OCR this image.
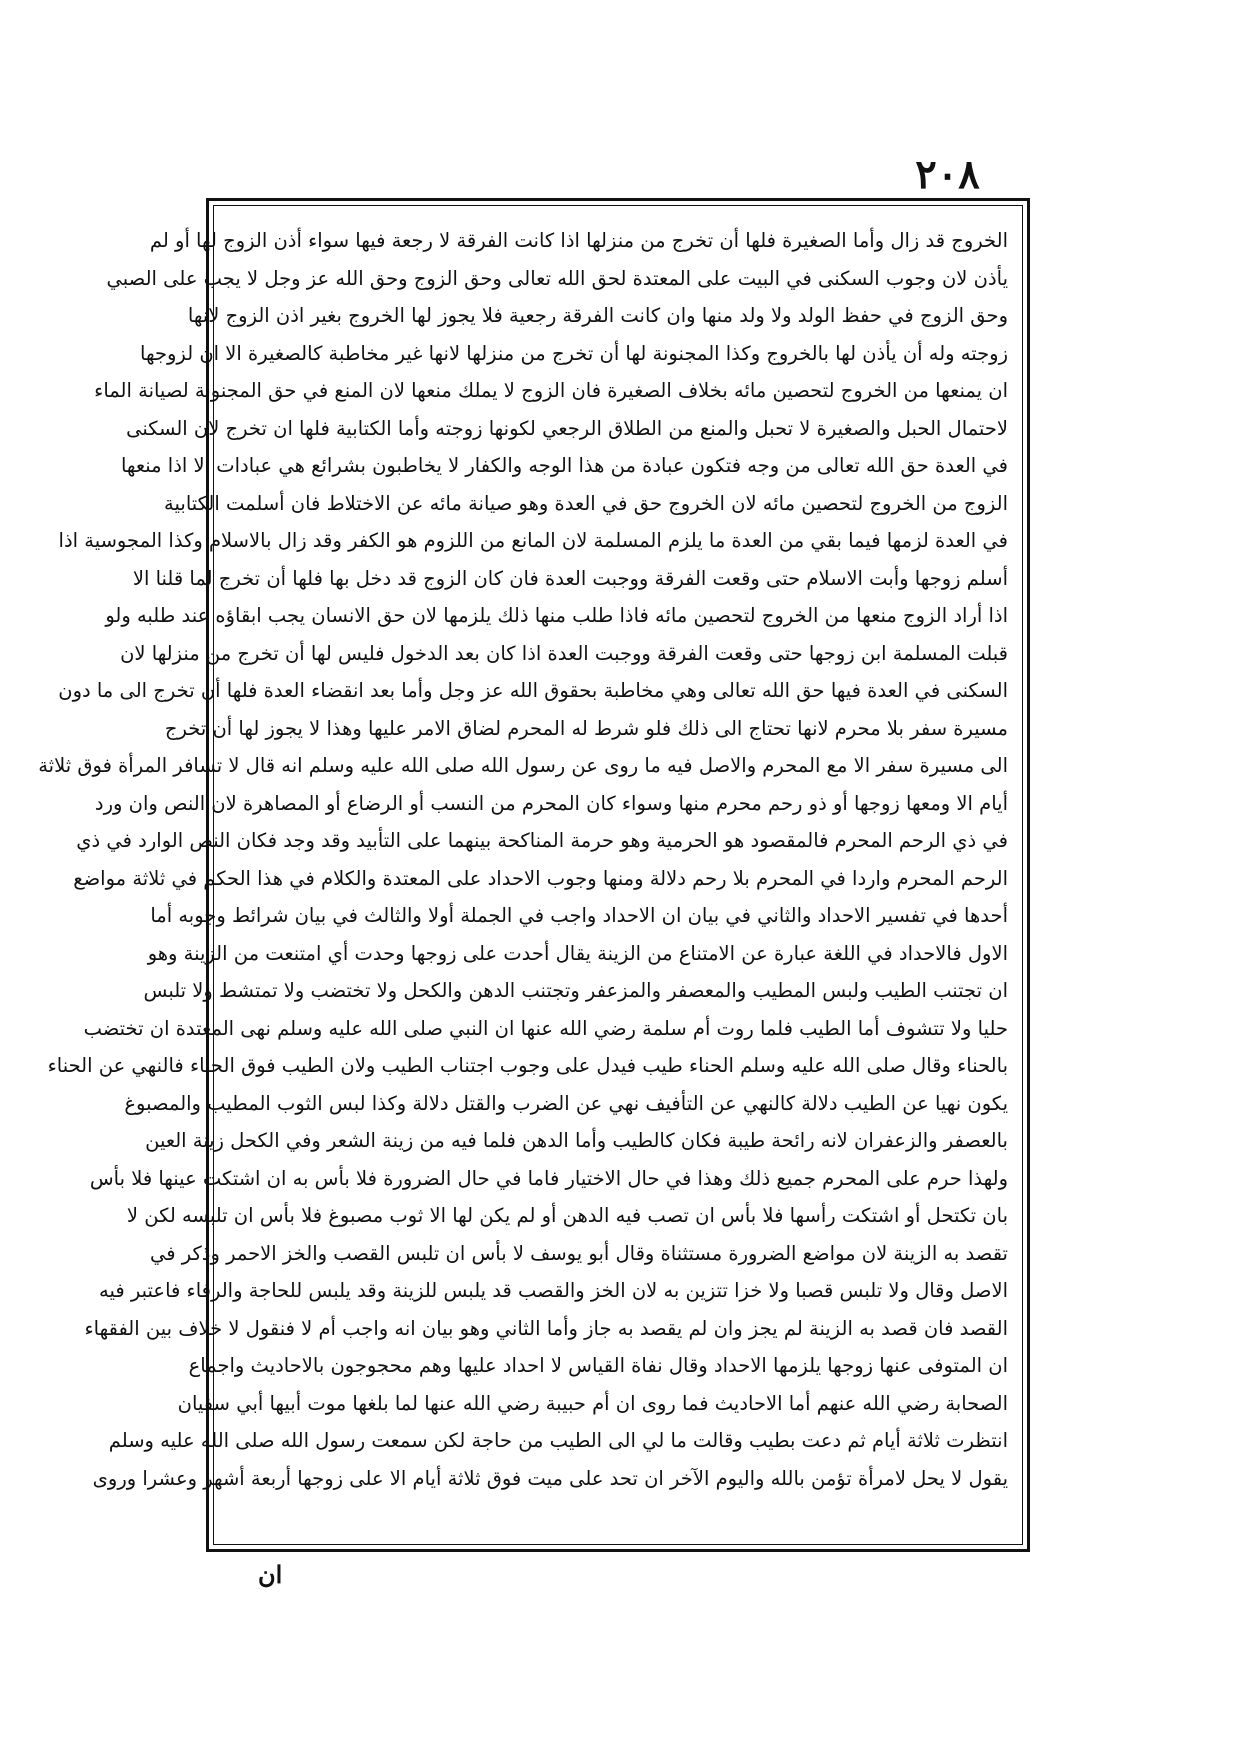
٢٠٨
الخروج قد زال وأما الصغيرة فلها أن تخرج من منزلها اذا كانت الفرقة لا رجعة فيها سواء أذن الزوج لها أو لم
يأذن لان وجوب السكنى في البيت على المعتدة لحق الله تعالى وحق الزوج وحق الله عز وجل لا يجب على الصبي
وحق الزوج في حفظ الولد ولا ولد منها وان كانت الفرقة رجعية فلا يجوز لها الخروج بغير اذن الزوج لانها
زوجته وله أن يأذن لها بالخروج وكذا المجنونة لها أن تخرج من منزلها لانها غير مخاطبة كالصغيرة الا ان لزوجها
ان يمنعها من الخروج لتحصين مائه بخلاف الصغيرة فان الزوج لا يملك منعها لان المنع في حق المجنونة لصيانة الماء
لاحتمال الحبل والصغيرة لا تحبل والمنع من الطلاق الرجعي لكونها زوجته وأما الكتابية فلها ان تخرج لان السكنى
في العدة حق الله تعالى من وجه فتكون عبادة من هذا الوجه والكفار لا يخاطبون بشرائع هي عبادات الا اذا منعها
الزوج من الخروج لتحصين مائه لان الخروج حق في العدة وهو صيانة مائه عن الاختلاط فان أسلمت الكتابية
في العدة لزمها فيما بقي من العدة ما يلزم المسلمة لان المانع من اللزوم هو الكفر وقد زال بالاسلام وكذا المجوسية اذا
أسلم زوجها وأبت الاسلام حتى وقعت الفرقة ووجبت العدة فان كان الزوج قد دخل بها فلها أن تخرج لما قلنا الا
اذا أراد الزوج منعها من الخروج لتحصين مائه فاذا طلب منها ذلك يلزمها لان حق الانسان يجب ابقاؤه عند طلبه ولو
قبلت المسلمة ابن زوجها حتى وقعت الفرقة ووجبت العدة اذا كان بعد الدخول فليس لها أن تخرج من منزلها لان
السكنى في العدة فيها حق الله تعالى وهي مخاطبة بحقوق الله عز وجل وأما بعد انقضاء العدة فلها أن تخرج الى ما دون
مسيرة سفر بلا محرم لانها تحتاج الى ذلك فلو شرط له المحرم لضاق الامر عليها وهذا لا يجوز لها أن تخرج
الى مسيرة سفر الا مع المحرم والاصل فيه ما روى عن رسول الله صلى الله عليه وسلم انه قال لا تسافر المرأة فوق ثلاثة
أيام الا ومعها زوجها أو ذو رحم محرم منها وسواء كان المحرم من النسب أو الرضاع أو المصاهرة لان النص وان ورد
في ذي الرحم المحرم فالمقصود هو الحرمية وهو حرمة المناكحة بينهما على التأبيد وقد وجد فكان النص الوارد في ذي
الرحم المحرم واردا في المحرم بلا رحم دلالة ومنها وجوب الاحداد على المعتدة والكلام في هذا الحكم في ثلاثة مواضع
أحدها في تفسير الاحداد والثاني في بيان ان الاحداد واجب في الجملة أولا والثالث في بيان شرائط وجوبه أما
الاول فالاحداد في اللغة عبارة عن الامتناع من الزينة يقال أحدت على زوجها وحدت أي امتنعت من الزينة وهو
ان تجتنب الطيب ولبس المطيب والمعصفر والمزعفر وتجتنب الدهن والكحل ولا تختضب ولا تمتشط ولا تلبس
حليا ولا تتشوف أما الطيب فلما روت أم سلمة رضي الله عنها ان النبي صلى الله عليه وسلم نهى المعتدة ان تختضب
بالحناء وقال صلى الله عليه وسلم الحناء طيب فيدل على وجوب اجتناب الطيب ولان الطيب فوق الحناء فالنهي عن الحناء
يكون نهيا عن الطيب دلالة كالنهي عن التأفيف نهي عن الضرب والقتل دلالة وكذا لبس الثوب المطيب والمصبوغ
بالعصفر والزعفران لانه رائحة طيبة فكان كالطيب وأما الدهن فلما فيه من زينة الشعر وفي الكحل زينة العين
ولهذا حرم على المحرم جميع ذلك وهذا في حال الاختيار فاما في حال الضرورة فلا بأس به ان اشتكت عينها فلا بأس
بان تكتحل أو اشتكت رأسها فلا بأس ان تصب فيه الدهن أو لم يكن لها الا ثوب مصبوغ فلا بأس ان تلبسه لكن لا
تقصد به الزينة لان مواضع الضرورة مستثناة وقال أبو يوسف لا بأس ان تلبس القصب والخز الاحمر وذكر في
الاصل وقال ولا تلبس قصبا ولا خزا تتزين به لان الخز والقصب قد يلبس للزينة وقد يلبس للحاجة والرفاء فاعتبر فيه
القصد فان قصد به الزينة لم يجز وان لم يقصد به جاز وأما الثاني وهو بيان انه واجب أم لا فنقول لا خلاف بين الفقهاء
ان المتوفى عنها زوجها يلزمها الاحداد وقال نفاة القياس لا احداد عليها وهم محجوجون بالاحاديث واجماع
الصحابة رضي الله عنهم أما الاحاديث فما روى ان أم حبيبة رضي الله عنها لما بلغها موت أبيها أبي سفيان
انتظرت ثلاثة أيام ثم دعت بطيب وقالت ما لي الى الطيب من حاجة لكن سمعت رسول الله صلى الله عليه وسلم
يقول لا يحل لامرأة تؤمن بالله واليوم الآخر ان تحد على ميت فوق ثلاثة أيام الا على زوجها أربعة أشهر وعشرا وروى
ان
